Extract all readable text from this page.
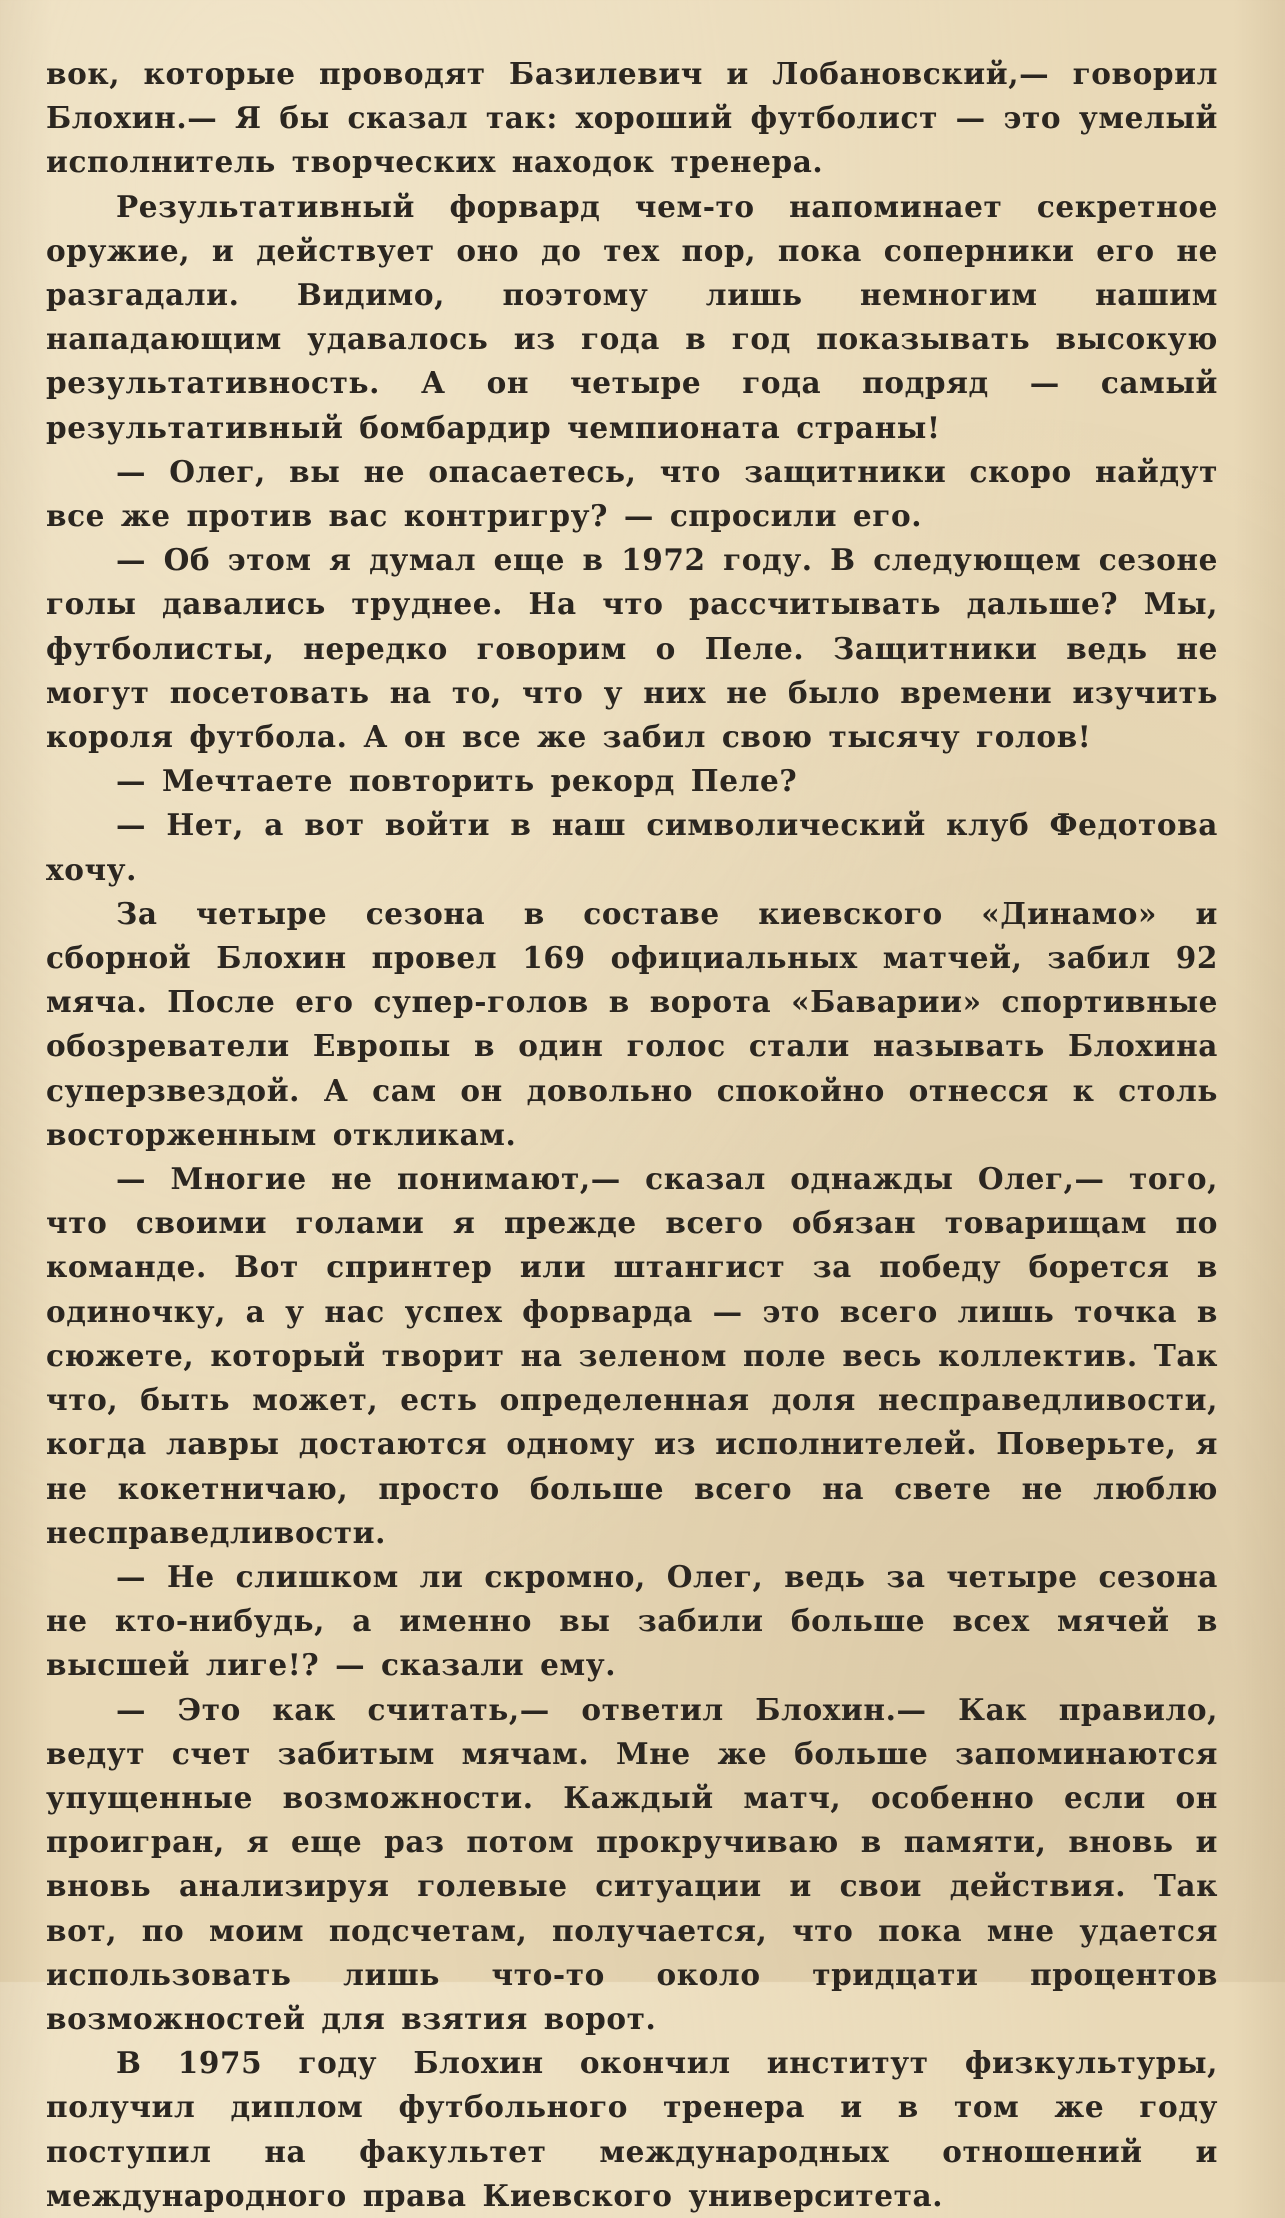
вок, которые проводят Базилевич и Лобановский,— говорил Блохин.— Я бы сказал так: хороший футболист — это умелый исполнитель творческих находок тренера.

Результативный форвард чем-то напоминает секретное оружие, и действует оно до тех пор, пока соперники его не разгадали. Видимо, поэтому лишь немногим нашим нападающим удавалось из года в год показывать высокую результативность. А он четыре года подряд — самый результативный бомбардир чемпионата страны!

— Олег, вы не опасаетесь, что защитники скоро найдут все же против вас контригру? — спросили его.

— Об этом я думал еще в 1972 году. В следующем сезоне голы давались труднее. На что рассчитывать дальше? Мы, футболисты, нередко говорим о Пеле. Защитники ведь не могут посетовать на то, что у них не было времени изучить короля футбола. А он все же забил свою тысячу голов!

— Мечтаете повторить рекорд Пеле?

— Нет, а вот войти в наш символический клуб Федотова хочу.

За четыре сезона в составе киевского «Динамо» и сборной Блохин провел 169 официальных матчей, забил 92 мяча. После его супер-голов в ворота «Баварии» спортивные обозреватели Европы в один голос стали называть Блохина суперзвездой. А сам он довольно спокойно отнесся к столь восторженным откликам.

— Многие не понимают,— сказал однажды Олег,— того, что своими голами я прежде всего обязан товарищам по команде. Вот спринтер или штангист за победу борется в одиночку, а у нас успех форварда — это всего лишь точка в сюжете, который творит на зеленом поле весь коллектив. Так что, быть может, есть определенная доля несправедливости, когда лавры достаются одному из исполнителей. Поверьте, я не кокетничаю, просто больше всего на свете не люблю несправедливости.

— Не слишком ли скромно, Олег, ведь за четыре сезона не кто-нибудь, а именно вы забили больше всех мячей в высшей лиге!? — сказали ему.

— Это как считать,— ответил Блохин.— Как правило, ведут счет забитым мячам. Мне же больше запоминаются упущенные возможности. Каждый матч, особенно если он проигран, я еще раз потом прокручиваю в памяти, вновь и вновь анализируя голевые ситуации и свои действия. Так вот, по моим подсчетам, получается, что пока мне удается использовать лишь что-то около тридцати процентов возможностей для взятия ворот.

В 1975 году Блохин окончил институт физкультуры, получил диплом футбольного тренера и в том же году поступил на факультет международных отношений и международного права Киевского университета.
